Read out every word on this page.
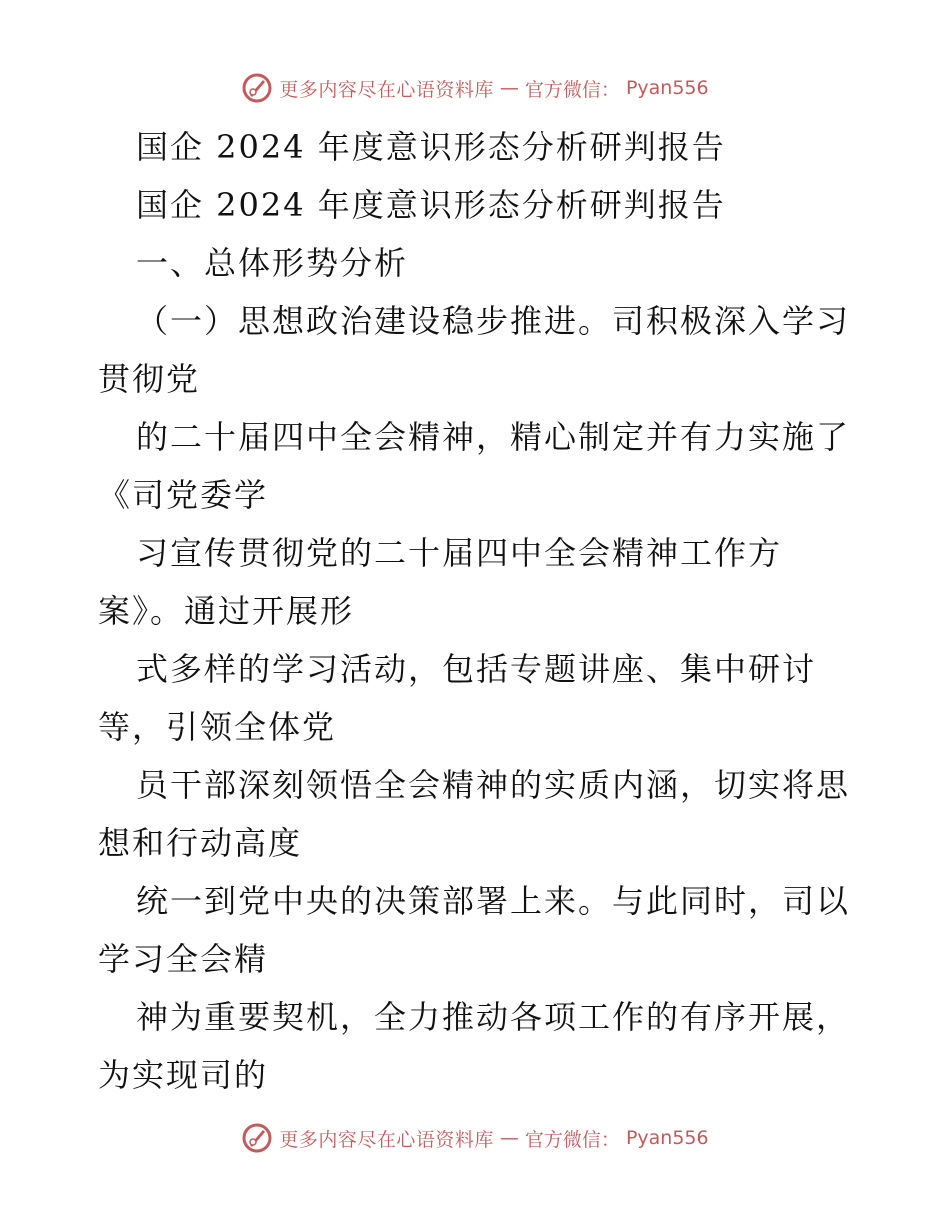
更多内容尽在心语资料库 — 官方微信： Pyan556
国企 2024 年度意识形态分析研判报告
国企 2024 年度意识形态分析研判报告
一、总体形势分析
（一）思想政治建设稳步推进。司积极深入学习
贯彻党
的二十届四中全会精神，精心制定并有力实施了
《司党委学
习宣传贯彻党的二十届四中全会精神工作方
案》。通过开展形
式多样的学习活动，包括专题讲座、集中研讨
等，引领全体党
员干部深刻领悟全会精神的实质内涵，切实将思
想和行动高度
统一到党中央的决策部署上来。与此同时，司以
学习全会精
神为重要契机，全力推动各项工作的有序开展，
为实现司的
更多内容尽在心语资料库 — 官方微信： Pyan556
